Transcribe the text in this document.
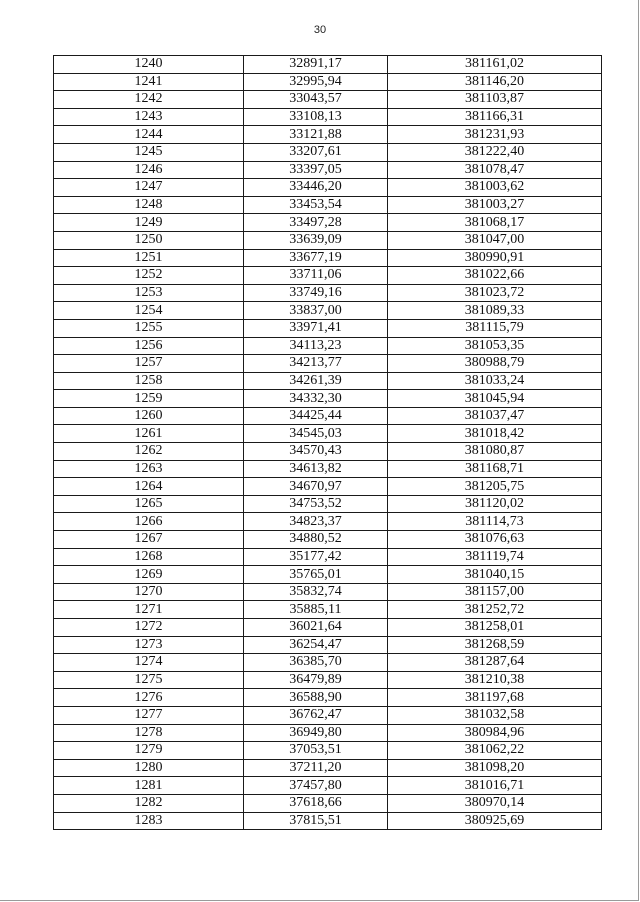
30
1240	32891,17	381161,02
1241	32995,94	381146,20
1242	33043,57	381103,87
1243	33108,13	381166,31
1244	33121,88	381231,93
1245	33207,61	381222,40
1246	33397,05	381078,47
1247	33446,20	381003,62
1248	33453,54	381003,27
1249	33497,28	381068,17
1250	33639,09	381047,00
1251	33677,19	380990,91
1252	33711,06	381022,66
1253	33749,16	381023,72
1254	33837,00	381089,33
1255	33971,41	381115,79
1256	34113,23	381053,35
1257	34213,77	380988,79
1258	34261,39	381033,24
1259	34332,30	381045,94
1260	34425,44	381037,47
1261	34545,03	381018,42
1262	34570,43	381080,87
1263	34613,82	381168,71
1264	34670,97	381205,75
1265	34753,52	381120,02
1266	34823,37	381114,73
1267	34880,52	381076,63
1268	35177,42	381119,74
1269	35765,01	381040,15
1270	35832,74	381157,00
1271	35885,11	381252,72
1272	36021,64	381258,01
1273	36254,47	381268,59
1274	36385,70	381287,64
1275	36479,89	381210,38
1276	36588,90	381197,68
1277	36762,47	381032,58
1278	36949,80	380984,96
1279	37053,51	381062,22
1280	37211,20	381098,20
1281	37457,80	381016,71
1282	37618,66	380970,14
1283	37815,51	380925,69
